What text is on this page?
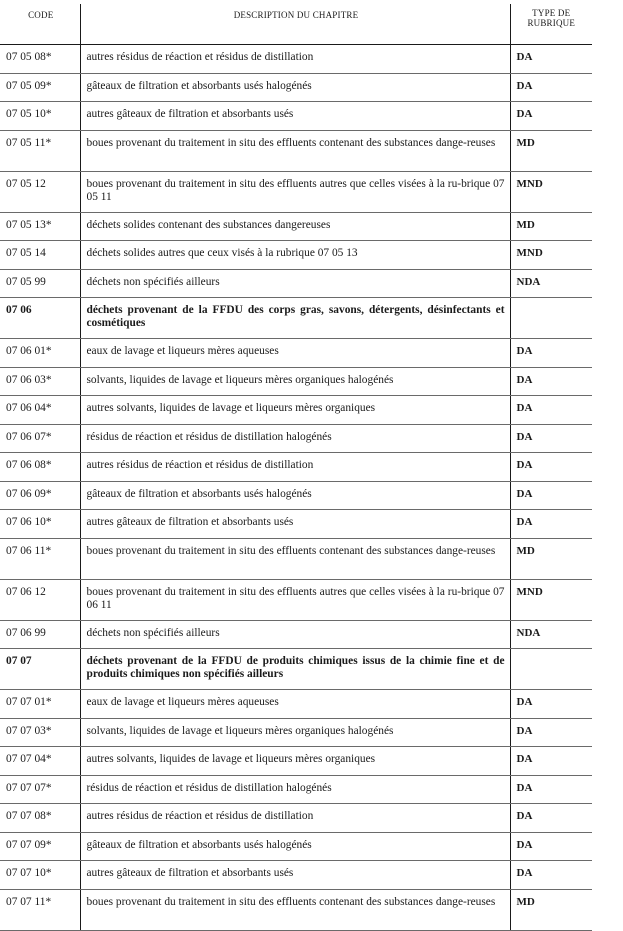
CODE	DESCRIPTION DU CHAPITRE	TYPE DE
RUBRIQUE
07 05 08*	autres résidus de réaction et résidus de distillation	DA
07 05 09*	gâteaux de filtration et absorbants usés halogénés	DA
07 05 10*	autres gâteaux de filtration et absorbants usés	DA
07 05 11*	boues provenant du traitement in situ des effluents contenant des substances dange-reuses	MD
07 05 12	boues provenant du traitement in situ des effluents autres que celles visées à la ru-brique 07 05 11	MND
07 05 13*	déchets solides contenant des substances dangereuses	MD
07 05 14	déchets solides autres que ceux visés à la rubrique 07 05 13	MND
07 05 99	déchets non spécifiés ailleurs	NDA
07 06	déchets provenant de la FFDU des corps gras, savons, détergents, désinfectants et cosmétiques	
07 06 01*	eaux de lavage et liqueurs mères aqueuses	DA
07 06 03*	solvants, liquides de lavage et liqueurs mères organiques halogénés	DA
07 06 04*	autres solvants, liquides de lavage et liqueurs mères organiques	DA
07 06 07*	résidus de réaction et résidus de distillation halogénés	DA
07 06 08*	autres résidus de réaction et résidus de distillation	DA
07 06 09*	gâteaux de filtration et absorbants usés halogénés	DA
07 06 10*	autres gâteaux de filtration et absorbants usés	DA
07 06 11*	boues provenant du traitement in situ des effluents contenant des substances dange-reuses	MD
07 06 12	boues provenant du traitement in situ des effluents autres que celles visées à la ru-brique 07 06 11	MND
07 06 99	déchets non spécifiés ailleurs	NDA
07 07	déchets provenant de la FFDU de produits chimiques issus de la chimie fine et de produits chimiques non spécifiés ailleurs	
07 07 01*	eaux de lavage et liqueurs mères aqueuses	DA
07 07 03*	solvants, liquides de lavage et liqueurs mères organiques halogénés	DA
07 07 04*	autres solvants, liquides de lavage et liqueurs mères organiques	DA
07 07 07*	résidus de réaction et résidus de distillation halogénés	DA
07 07 08*	autres résidus de réaction et résidus de distillation	DA
07 07 09*	gâteaux de filtration et absorbants usés halogénés	DA
07 07 10*	autres gâteaux de filtration et absorbants usés	DA
07 07 11*	boues provenant du traitement in situ des effluents contenant des substances dange-reuses	MD
